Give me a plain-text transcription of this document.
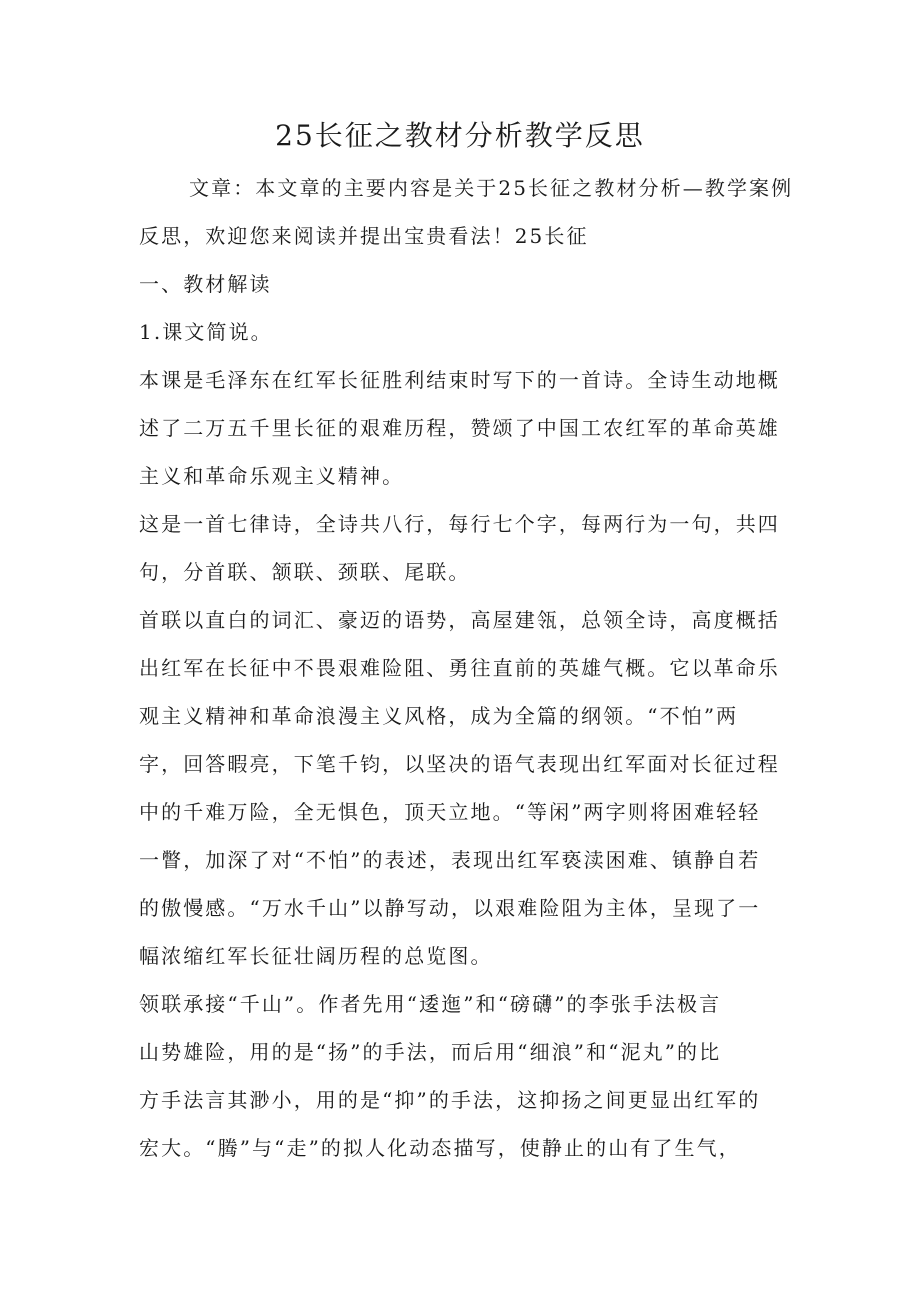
25长征之教材分析教学反思
文章：本文章的主要内容是关于25长征之教材分析—教学案例
反思，欢迎您来阅读并提出宝贵看法！25长征
一、教材解读
1.课文简说。
本课是毛泽东在红军长征胜利结束时写下的一首诗。全诗生动地概
述了二万五千里长征的艰难历程，赞颂了中国工农红军的革命英雄
主义和革命乐观主义精神。
这是一首七律诗，全诗共八行，每行七个字，每两行为一句，共四
句，分首联、颔联、颈联、尾联。
首联以直白的词汇、豪迈的语势，高屋建瓴，总领全诗，高度概括
出红军在长征中不畏艰难险阻、勇往直前的英雄气概。它以革命乐
观主义精神和革命浪漫主义风格，成为全篇的纲领。“不怕”两
字，回答暇亮，下笔千钧，以坚决的语气表现出红军面对长征过程
中的千难万险，全无惧色，顶天立地。“等闲”两字则将困难轻轻
一瞥，加深了对“不怕”的表述，表现出红军亵渎困难、镇静自若
的傲慢感。“万水千山”以静写动，以艰难险阻为主体，呈现了一
幅浓缩红军长征壮阔历程的总览图。
领联承接“千山”。作者先用“逶迤”和“磅礴”的李张手法极言
山势雄险，用的是“扬”的手法，而后用“细浪”和“泥丸”的比
方手法言其渺小，用的是“抑”的手法，这抑扬之间更显出红军的
宏大。“腾”与“走”的拟人化动态描写，使静止的山有了生气，
